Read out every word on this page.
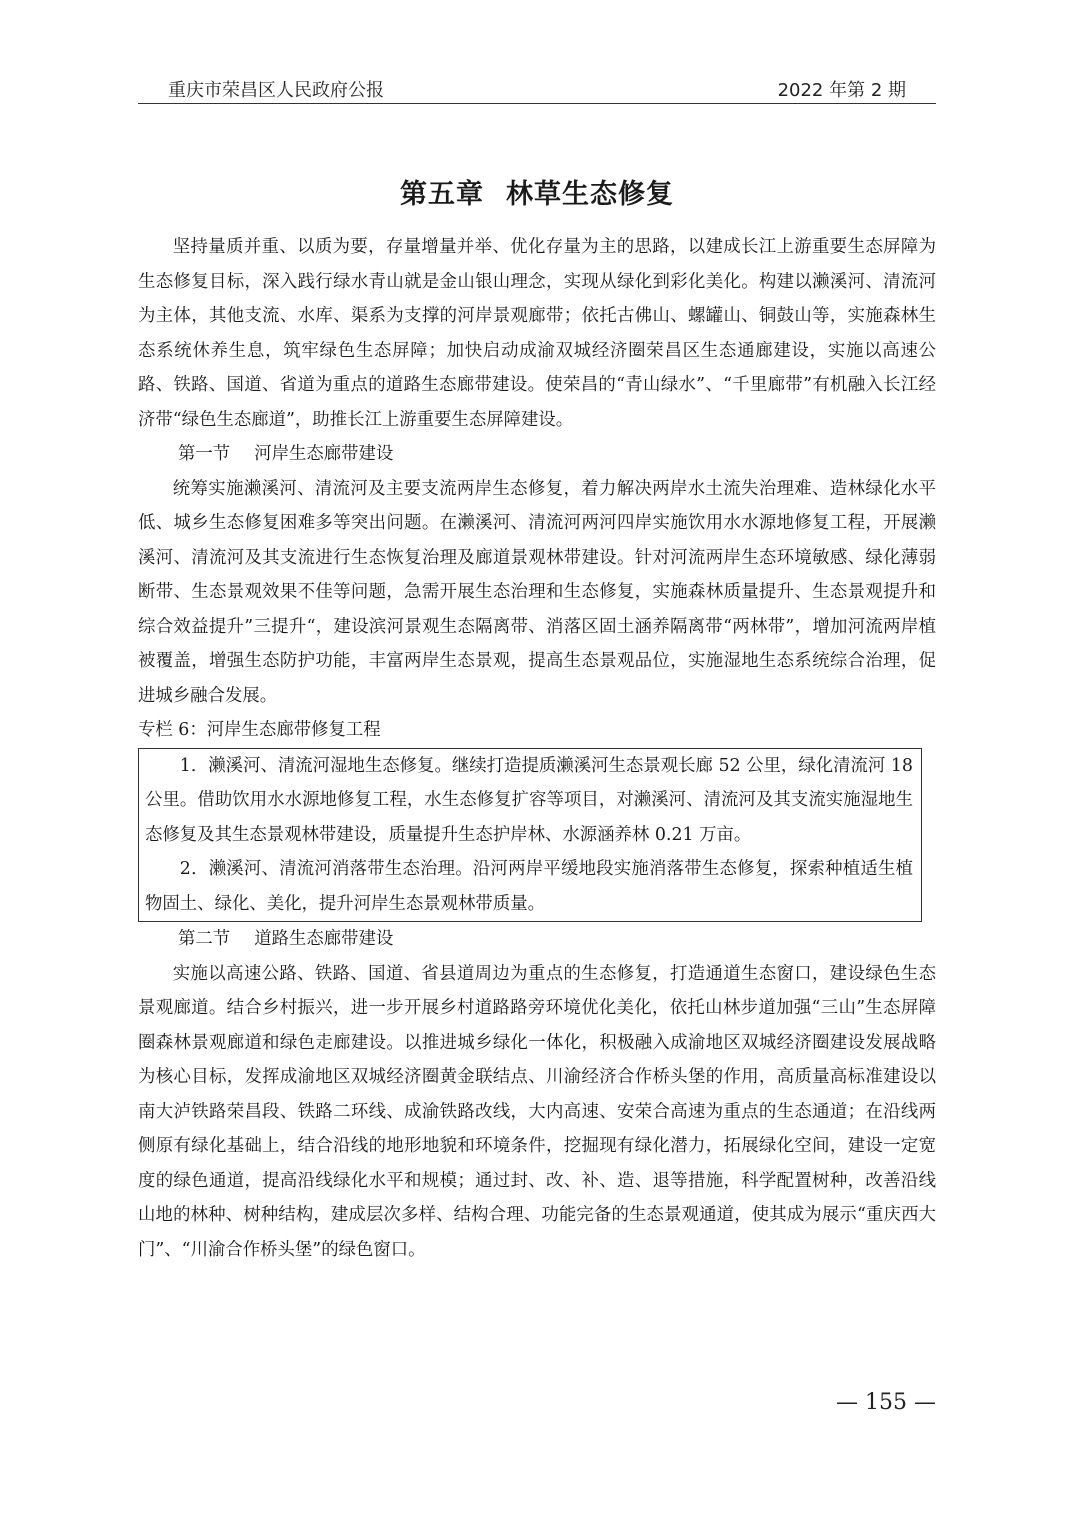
重庆市荣昌区人民政府公报	2022 年第 2 期
第五章 林草生态修复

坚持量质并重、以质为要，存量增量并举、优化存量为主的思路，以建成长江上游重要生态屏障为生态修复目标，深入践行绿水青山就是金山银山理念，实现从绿化到彩化美化。构建以濑溪河、清流河为主体，其他支流、水库、渠系为支撑的河岸景观廊带；依托古佛山、螺罐山、铜鼓山等，实施森林生态系统休养生息，筑牢绿色生态屏障；加快启动成渝双城经济圈荣昌区生态通廊建设，实施以高速公路、铁路、国道、省道为重点的道路生态廊带建设。使荣昌的“青山绿水”、“千里廊带”有机融入长江经济带“绿色生态廊道”，助推长江上游重要生态屏障建设。

第一节 河岸生态廊带建设

统筹实施濑溪河、清流河及主要支流两岸生态修复，着力解决两岸水土流失治理难、造林绿化水平低、城乡生态修复困难多等突出问题。在濑溪河、清流河两河四岸实施饮用水水源地修复工程，开展濑溪河、清流河及其支流进行生态恢复治理及廊道景观林带建设。针对河流两岸生态环境敏感、绿化薄弱断带、生态景观效果不佳等问题，急需开展生态治理和生态修复，实施森林质量提升、生态景观提升和综合效益提升”三提升“，建设滨河景观生态隔离带、消落区固土涵养隔离带“两林带”，增加河流两岸植被覆盖，增强生态防护功能，丰富两岸生态景观，提高生态景观品位，实施湿地生态系统综合治理，促进城乡融合发展。

专栏 6：河岸生态廊带修复工程

1．濑溪河、清流河湿地生态修复。继续打造提质濑溪河生态景观长廊 52 公里，绿化清流河 18 公里。借助饮用水水源地修复工程，水生态修复扩容等项目，对濑溪河、清流河及其支流实施湿地生态修复及其生态景观林带建设，质量提升生态护岸林、水源涵养林 0.21 万亩。

2．濑溪河、清流河消落带生态治理。沿河两岸平缓地段实施消落带生态修复，探索种植适生植物固土、绿化、美化，提升河岸生态景观林带质量。

第二节 道路生态廊带建设

实施以高速公路、铁路、国道、省县道周边为重点的生态修复，打造通道生态窗口，建设绿色生态景观廊道。结合乡村振兴，进一步开展乡村道路路旁环境优化美化，依托山林步道加强“三山”生态屏障圈森林景观廊道和绿色走廊建设。以推进城乡绿化一体化，积极融入成渝地区双城经济圈建设发展战略为核心目标，发挥成渝地区双城经济圈黄金联结点、川渝经济合作桥头堡的作用，高质量高标准建设以南大泸铁路荣昌段、铁路二环线、成渝铁路改线，大内高速、安荣合高速为重点的生态通道；在沿线两侧原有绿化基础上，结合沿线的地形地貌和环境条件，挖掘现有绿化潜力，拓展绿化空间，建设一定宽度的绿色通道，提高沿线绿化水平和规模；通过封、改、补、造、退等措施，科学配置树种，改善沿线山地的林种、树种结构，建成层次多样、结构合理、功能完备的生态景观通道，使其成为展示“重庆西大门”、“川渝合作桥头堡”的绿色窗口。

— 155 —
